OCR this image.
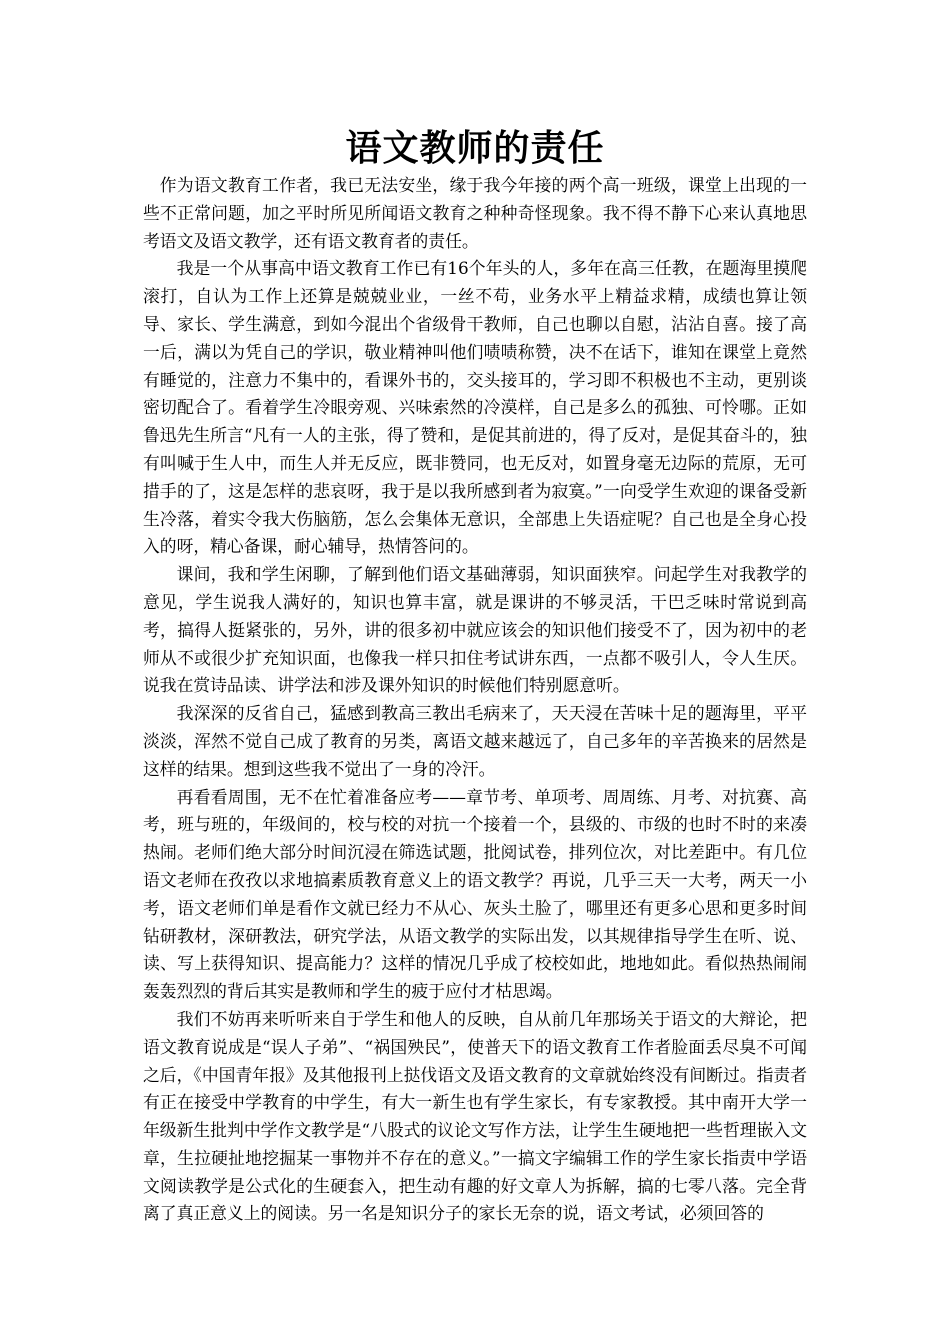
语文教师的责任

作为语文教育工作者，我已无法安坐，缘于我今年接的两个高一班级，课堂上出现的一些不正常问题，加之平时所见所闻语文教育之种种奇怪现象。我不得不静下心来认真地思考语文及语文教学，还有语文教育者的责任。

我是一个从事高中语文教育工作已有16个年头的人，多年在高三任教，在题海里摸爬滚打，自认为工作上还算是兢兢业业，一丝不苟，业务水平上精益求精，成绩也算让领导、家长、学生满意，到如今混出个省级骨干教师，自己也聊以自慰，沾沾自喜。接了高一后，满以为凭自己的学识，敬业精神叫他们啧啧称赞，决不在话下，谁知在课堂上竟然有睡觉的，注意力不集中的，看课外书的，交头接耳的，学习即不积极也不主动，更别谈密切配合了。看着学生冷眼旁观、兴味索然的冷漠样，自己是多么的孤独、可怜哪。正如鲁迅先生所言“凡有一人的主张，得了赞和，是促其前进的，得了反对，是促其奋斗的，独有叫喊于生人中，而生人并无反应，既非赞同，也无反对，如置身毫无边际的荒原，无可措手的了，这是怎样的悲哀呀，我于是以我所感到者为寂寞。”一向受学生欢迎的课备受新生冷落，着实令我大伤脑筋，怎么会集体无意识，全部患上失语症呢？自己也是全身心投入的呀，精心备课，耐心辅导，热情答问的。

课间，我和学生闲聊，了解到他们语文基础薄弱，知识面狭窄。问起学生对我教学的意见，学生说我人满好的，知识也算丰富，就是课讲的不够灵活，干巴乏味时常说到高考，搞得人挺紧张的，另外，讲的很多初中就应该会的知识他们接受不了，因为初中的老师从不或很少扩充知识面，也像我一样只扣住考试讲东西，一点都不吸引人，令人生厌。说我在赏诗品读、讲学法和涉及课外知识的时候他们特别愿意听。

我深深的反省自己，猛感到教高三教出毛病来了，天天浸在苦味十足的题海里，平平淡淡，浑然不觉自己成了教育的另类，离语文越来越远了，自己多年的辛苦换来的居然是这样的结果。想到这些我不觉出了一身的冷汗。

再看看周围，无不在忙着准备应考——章节考、单项考、周周练、月考、对抗赛、高考，班与班的，年级间的，校与校的对抗一个接着一个，县级的、市级的也时不时的来凑热闹。老师们绝大部分时间沉浸在筛选试题，批阅试卷，排列位次，对比差距中。有几位语文老师在孜孜以求地搞素质教育意义上的语文教学？再说，几乎三天一大考，两天一小考，语文老师们单是看作文就已经力不从心、灰头土脸了，哪里还有更多心思和更多时间钻研教材，深研教法，研究学法，从语文教学的实际出发，以其规律指导学生在听、说、读、写上获得知识、提高能力？这样的情况几乎成了校校如此，地地如此。看似热热闹闹轰轰烈烈的背后其实是教师和学生的疲于应付才枯思竭。

我们不妨再来听听来自于学生和他人的反映，自从前几年那场关于语文的大辩论，把语文教育说成是“误人子弟”、“祸国殃民”，使普天下的语文教育工作者脸面丢尽臭不可闻之后，《中国青年报》及其他报刊上挞伐语文及语文教育的文章就始终没有间断过。指责者有正在接受中学教育的中学生，有大一新生也有学生家长，有专家教授。其中南开大学一年级新生批判中学作文教学是“八股式的议论文写作方法，让学生生硬地把一些哲理嵌入文章，生拉硬扯地挖掘某一事物并不存在的意义。”一搞文字编辑工作的学生家长指责中学语文阅读教学是公式化的生硬套入，把生动有趣的好文章人为拆解，搞的七零八落。完全背离了真正意义上的阅读。另一名是知识分子的家长无奈的说，语文考试，必须回答的
